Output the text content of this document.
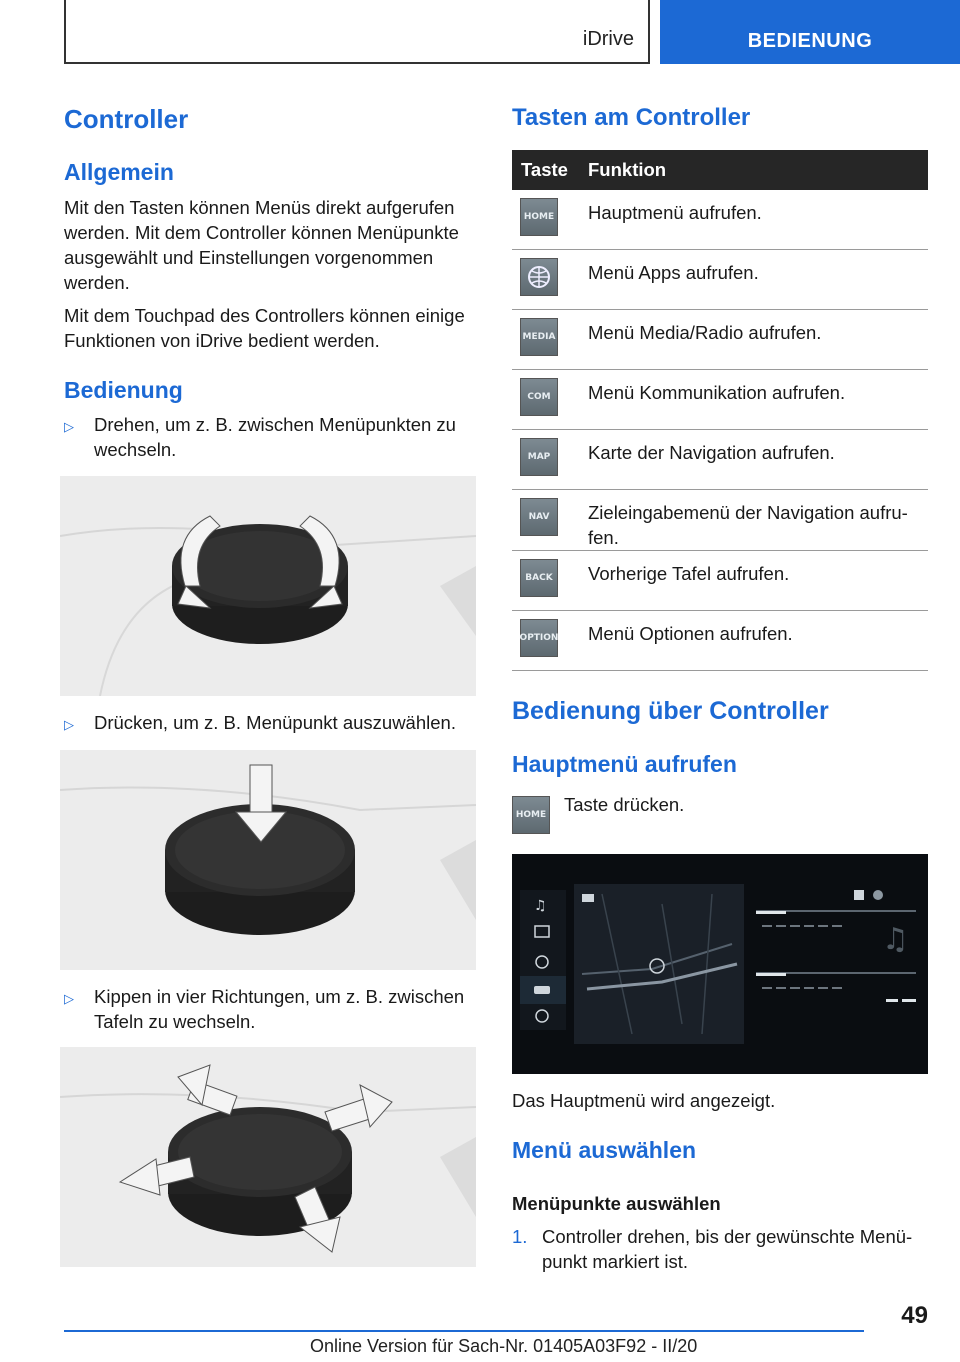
iDrive	BEDIENUNG
Controller
Allgemein

Mit den Tasten können Menüs direkt aufgerufen werden. Mit dem Controller können Menüpunkte ausgewählt und Einstellungen vorgenommen werden.

Mit dem Touchpad des Controllers können einige Funktionen von iDrive bedient werden.

Bedienung
▷	Drehen, um z. B. zwischen Menüpunkten zu wechseln.
▷	Drücken, um z. B. Menüpunkt auszuwählen.
▷	Kippen in vier Richtungen, um z. B. zwischen Tafeln zu wechseln.
Tasten am Controller
Taste	Funktion
HOME Hauptmenü aufrufen.
Menü Apps aufrufen.
MEDIA Menü Media/Radio aufrufen.
COM	Menü Kommunikation aufrufen.
MAP	Karte der Navigation aufrufen.
NAV	Zieleingabemenü der Navigation aufrufen.
BACK Vorherige Tafel aufrufen.
OPTION Menü Optionen aufrufen.
Bedienung über Controller
Hauptmenü aufrufen
HOME Taste drücken.

♫
♫

Das Hauptmenü wird angezeigt.

Menü auswählen

Menüpunkte auswählen

1. Controller drehen, bis der gewünschte Menüpunkt markiert ist.
49
Online Version für Sach-Nr. 01405A03F92 - II/20
